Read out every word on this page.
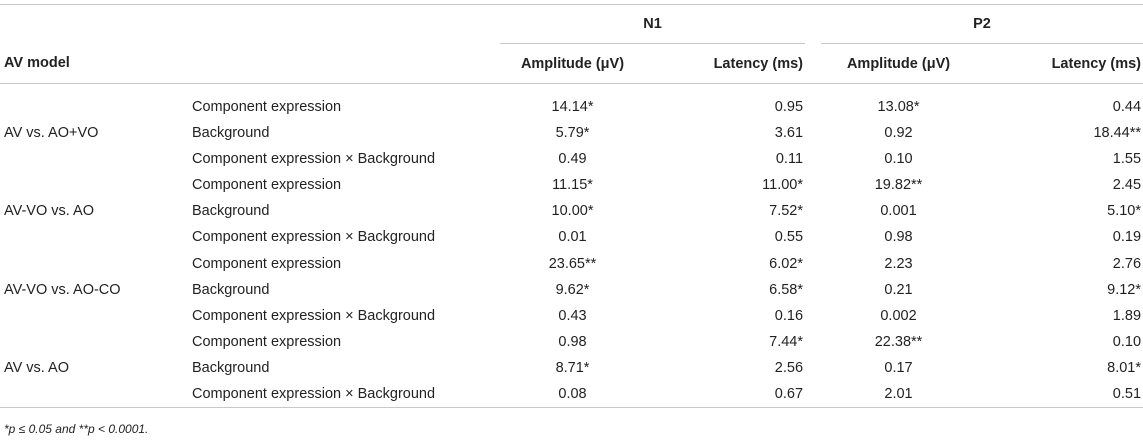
		N1			P2	
AV model		Amplitude (μV)	Latency (ms)		Amplitude (μV)	Latency (ms)
	Component expression	14.14*	0.95		13.08*	0.44
AV vs. AO+VO	Background	5.79*	3.61		0.92	18.44**
	Component expression × Background	0.49	0.11		0.10	1.55
	Component expression	11.15*	11.00*		19.82**	2.45
AV-VO vs. AO	Background	10.00*	7.52*		0.001	5.10*
	Component expression × Background	0.01	0.55		0.98	0.19
	Component expression	23.65**	6.02*		2.23	2.76
AV-VO vs. AO-CO	Background	9.62*	6.58*		0.21	9.12*
	Component expression × Background	0.43	0.16		0.002	1.89
	Component expression	0.98	7.44*		22.38**	0.10
AV vs. AO	Background	8.71*	2.56		0.17	8.01*
	Component expression × Background	0.08	0.67		2.01	0.51
*p ≤ 0.05 and **p < 0.0001.
